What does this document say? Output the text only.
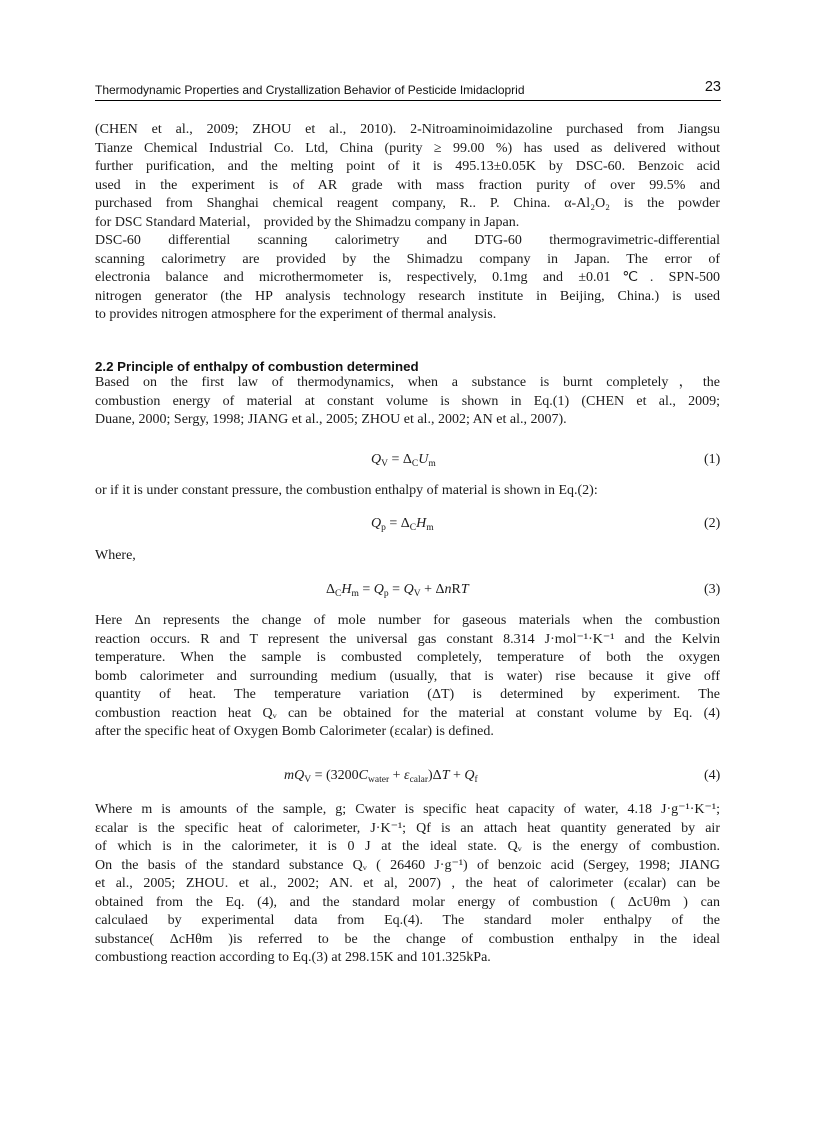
Thermodynamic Properties and Crystallization Behavior of Pesticide Imidacloprid	23
(CHEN et al., 2009; ZHOU et al., 2010). 2-Nitroaminoimidazoline purchased from Jiangsu
Tianze Chemical Industrial Co. Ltd, China (purity ≥ 99.00 %) has used as delivered without
further purification, and the melting point of it is 495.13±0.05K by DSC-60. Benzoic acid
used in the experiment is of AR grade with mass fraction purity of over 99.5% and
purchased from Shanghai chemical reagent company, R.. P. China. α-Al₂O₂ is the powder
for DSC Standard Material， provided by the Shimadzu company in Japan.
DSC-60 differential scanning calorimetry and DTG-60 thermogravimetric-differential
scanning calorimetry are provided by the Shimadzu company in Japan. The error of
electronia balance and microthermometer is, respectively, 0.1mg and ±0.01℃. SPN-500
nitrogen generator (the HP analysis technology research institute in Beijing, China.) is used
to provides nitrogen atmosphere for the experiment of thermal analysis.
2.2 Principle of enthalpy of combustion determined
Based on the first law of thermodynamics, when a substance is burnt completely，the
combustion energy of material at constant volume is shown in Eq.(1) (CHEN et al., 2009;
Duane, 2000; Sergy, 1998; JIANG et al., 2005; ZHOU et al., 2002; AN et al., 2007).
$Q_V = \Delta_CU_m$	(1)
or if it is under constant pressure, the combustion enthalpy of material is shown in Eq.(2):
$Q_p = \Delta_CH_m$	(2)
Where,
$\Delta_CH_m = Q_p = Q_V + \Delta nRT$	(3)
Here Δn represents the change of mole number for gaseous materials when the combustion
reaction occurs. R and T represent the universal gas constant 8.314 J·mol⁻¹·K⁻¹ and the Kelvin
temperature. When the sample is combusted completely, temperature of both the oxygen
bomb calorimeter and surrounding medium (usually, that is water) rise because it give off
quantity of heat. The temperature variation (ΔT) is determined by experiment. The
combustion reaction heat Qᵥ can be obtained for the material at constant volume by Eq. (4)
after the specific heat of Oxygen Bomb Calorimeter (εcalar) is defined.
$mQ_V = (3200C_{water} + \varepsilon_{calar})\Delta T + Q_f$	(4)
Where m is amounts of the sample, g; Cwater is specific heat capacity of water, 4.18 J·g⁻¹·K⁻¹;
εcalar is the specific heat of calorimeter, J·K⁻¹; Qf is an attach heat quantity generated by air
of which is in the calorimeter, it is 0 J at the ideal state. Qᵥ is the energy of combustion.
On the basis of the standard substance Qᵥ ( 26460 J·g⁻¹) of benzoic acid (Sergey, 1998; JIANG
et al., 2005; ZHOU. et al., 2002; AN. et al, 2007) , the heat of calorimeter (εcalar) can be
obtained from the Eq. (4), and the standard molar energy of combustion ( ΔcUθm ) can
calculaed by experimental data from Eq.(4). The standard moler enthalpy of the
substance( ΔcHθm )is referred to be the change of combustion enthalpy in the ideal
combustiong reaction according to Eq.(3) at 298.15K and 101.325kPa.
